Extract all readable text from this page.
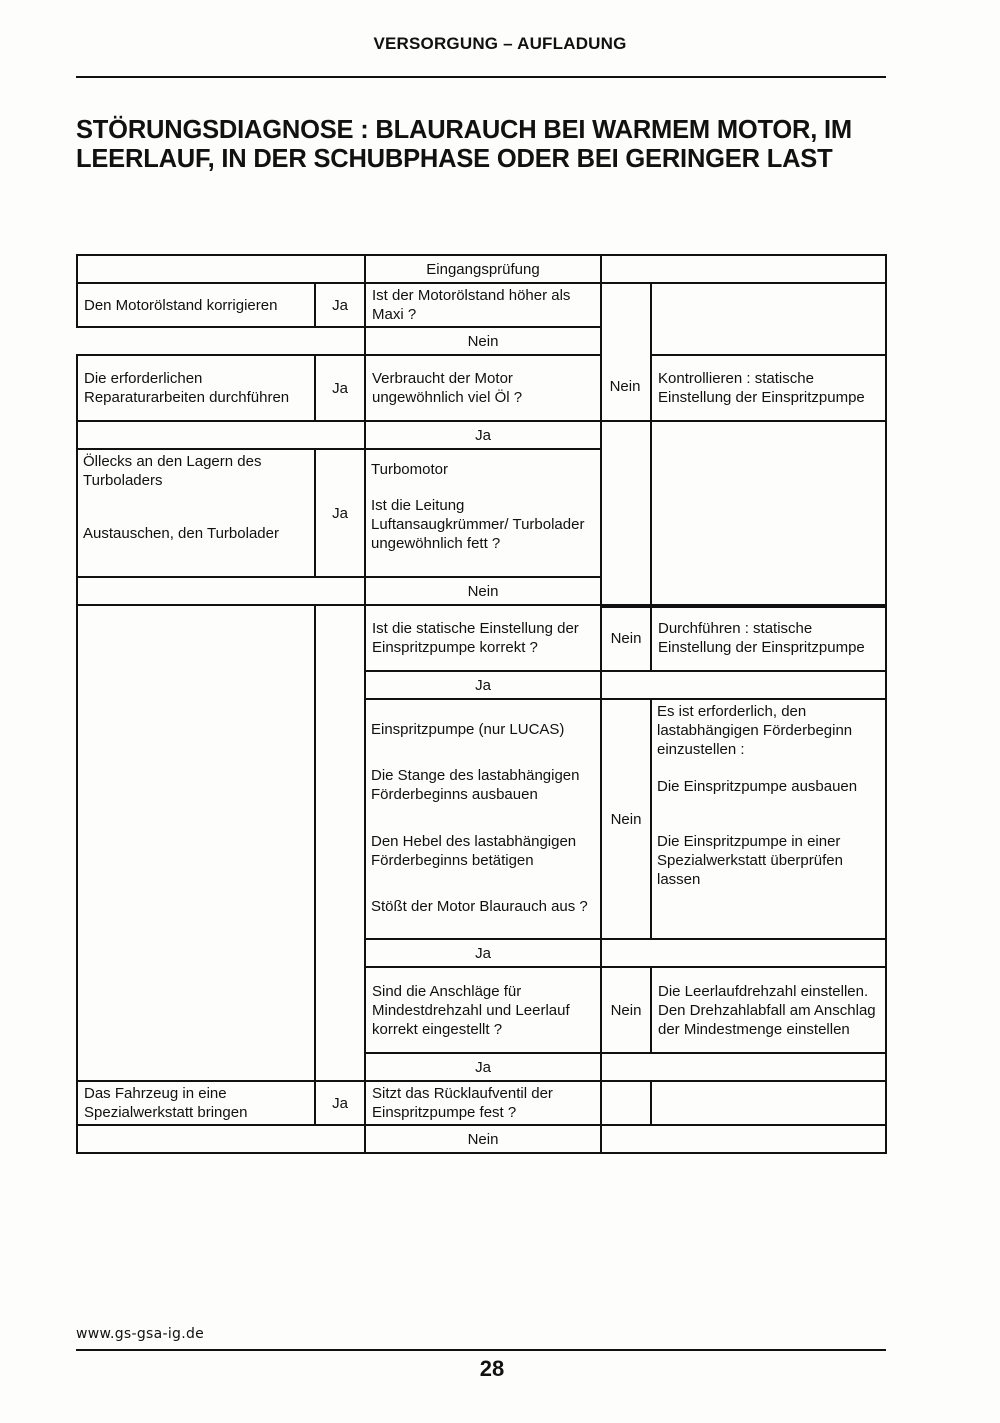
VERSORGUNG – AUFLADUNG
STÖRUNGSDIAGNOSE : BLAURAUCH BEI WARMEM MOTOR, IM LEERLAUF, IN DER SCHUBPHASE ODER BEI GERINGER LAST
Eingangsprüfung
Den Motorölstand korrigieren	Ja
Ist der Motorölstand höher als Maxi ?
Nein
Die erforderlichen Reparaturarbeiten durchführen
Ja
Verbraucht der Motor ungewöhnlich viel Öl ?
Nein	Kontrollieren : statische Einstellung der Einspritzpumpe
Ja
Öllecks an den Lagern des Turboladers
Austauschen, den Turbolader
Ja
Turbomotor
Ist die Leitung Luftansaugkrümmer/ Turbolader ungewöhnlich fett ?
Nein
Ist die statische Einstellung der Einspritzpumpe korrekt ?
Nein
Durchführen : statische Einstellung der Einspritzpumpe
Ja
Einspritzpumpe (nur LUCAS)
Die Stange des lastabhängigen Förderbeginns ausbauen
Den Hebel des lastabhängigen Förderbeginns betätigen
Stößt der Motor Blaurauch aus ?
Nein
Es ist erforderlich, den lastabhängigen Förderbeginn einzustellen :
Die Einspritzpumpe ausbauen
Die Einspritzpumpe in einer Spezialwerkstatt überprüfen lassen
Ja
Sind die Anschläge für Mindestdrehzahl und Leerlauf korrekt eingestellt ?
Nein
Die Leerlaufdrehzahl einstellen. Den Drehzahlabfall am Anschlag der Mindestmenge einstellen
Ja
Das Fahrzeug in eine Spezialwerkstatt bringen
Ja
Sitzt das Rücklaufventil der Einspritzpumpe fest ?
Nein
www.gs-gsa-ig.de
28
